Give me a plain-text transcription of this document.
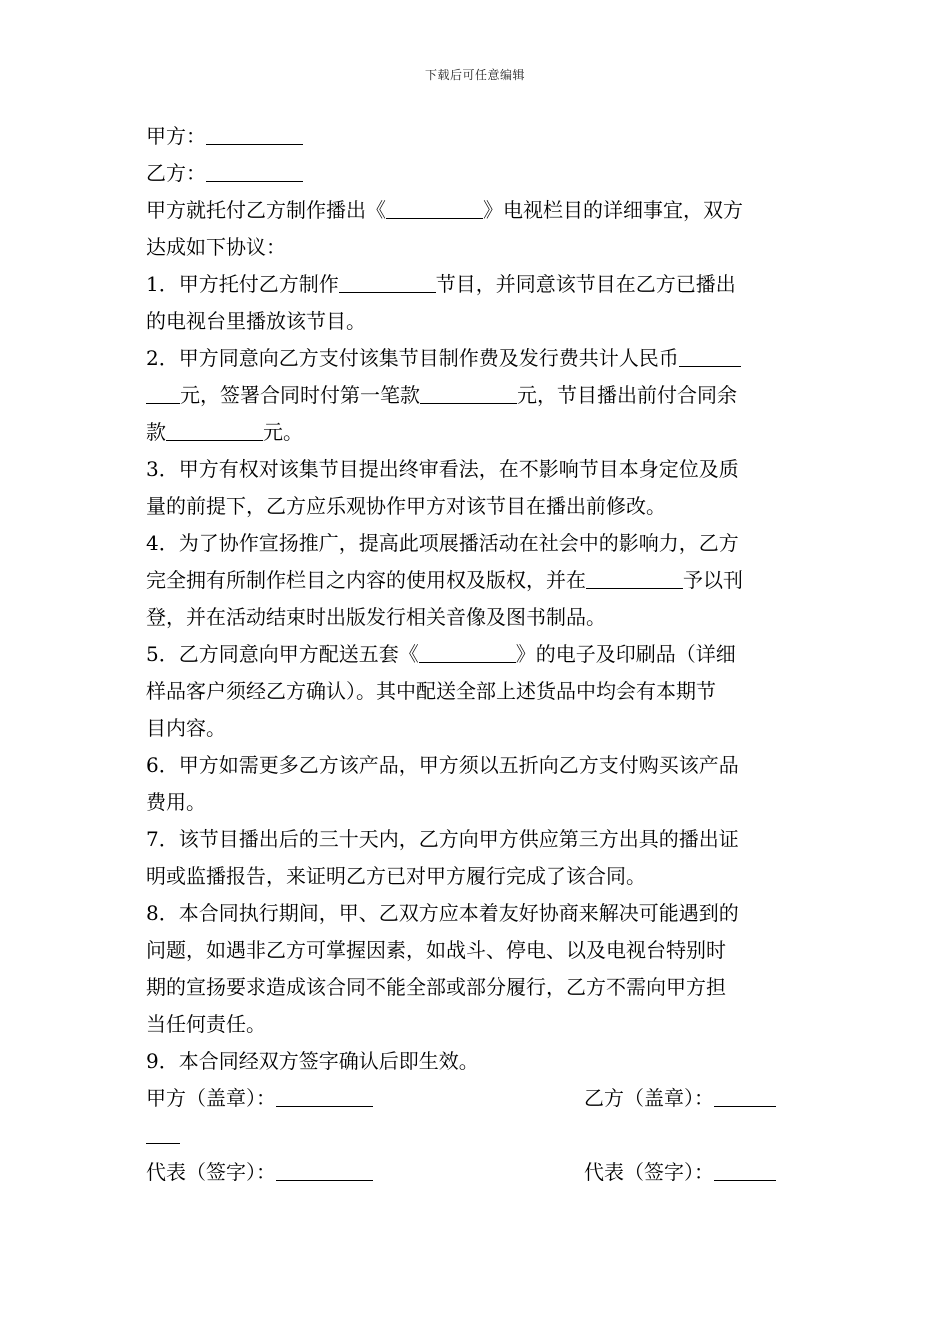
下载后可任意编辑
甲方：
乙方：
甲方就托付乙方制作播出《	》电视栏目的详细事宜，双方
达成如下协议：
1．甲方托付乙方制作	节目，并同意该节目在乙方已播出
的电视台里播放该节目。
2．甲方同意向乙方支付该集节目制作费及发行费共计人民币
元，签署合同时付第一笔款	元，节目播出前付合同余
款	元。
3．甲方有权对该集节目提出终审看法，在不影响节目本身定位及质
量的前提下，乙方应乐观协作甲方对该节目在播出前修改。
4．为了协作宣扬推广，提高此项展播活动在社会中的影响力，乙方
完全拥有所制作栏目之内容的使用权及版权，并在	予以刊
登，并在活动结束时出版发行相关音像及图书制品。
5．乙方同意向甲方配送五套《	》的电子及印刷品（详细
样品客户须经乙方确认）。其中配送全部上述货品中均会有本期节
目内容。
6．甲方如需更多乙方该产品，甲方须以五折向乙方支付购买该产品
费用。
7．该节目播出后的三十天内，乙方向甲方供应第三方出具的播出证
明或监播报告，来证明乙方已对甲方履行完成了该合同。
8．本合同执行期间，甲、乙双方应本着友好协商来解决可能遇到的
问题，如遇非乙方可掌握因素，如战斗、停电、以及电视台特别时
期的宣扬要求造成该合同不能全部或部分履行，乙方不需向甲方担
当任何责任。
9．本合同经双方签字确认后即生效。
甲方（盖章）：	乙方（盖章）：
代表（签字）：	代表（签字）：
